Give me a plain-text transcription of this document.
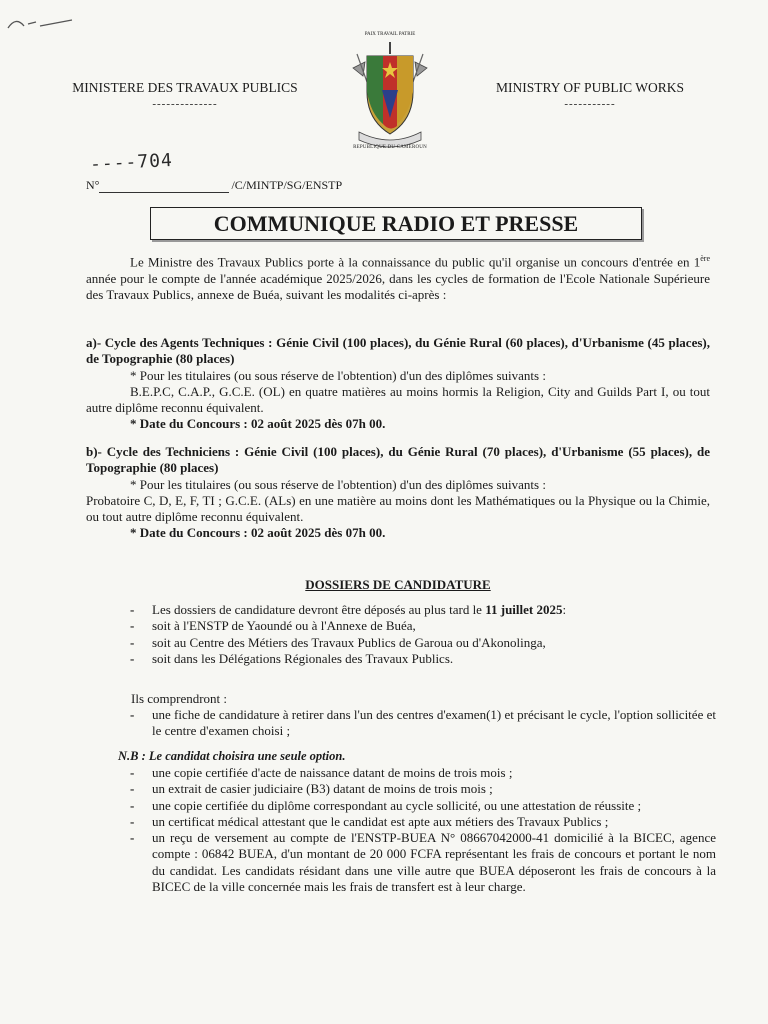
MINISTERE DES TRAVAUX PUBLICS
--------------
PAIX TRAVAIL PATRIE
REPUBLIQUE DU CAMEROUN
MINISTRY OF PUBLIC WORKS
-----------
----704
N°	/C/MINTP/SG/ENSTP
COMMUNIQUE RADIO ET PRESSE
Le Ministre des Travaux Publics porte à la connaissance du public qu'il organise un concours d'entrée en 1ère année pour le compte de l'année académique 2025/2026, dans les cycles de formation de l'Ecole Nationale Supérieure des Travaux Publics, annexe de Buéa, suivant les modalités ci-après :
a)- Cycle des Agents Techniques : Génie Civil (100 places), du Génie Rural (60 places), d'Urbanisme (45 places), de Topographie (80 places)
* Pour les titulaires (ou sous réserve de l'obtention) d'un des diplômes suivants :
B.E.P.C, C.A.P., G.C.E. (OL) en quatre matières au moins hormis la Religion, City and Guilds Part I, ou tout autre diplôme reconnu équivalent.
* Date du Concours : 02 août 2025 dès 07h 00.
b)- Cycle des Techniciens : Génie Civil (100 places), du Génie Rural (70 places), d'Urbanisme (55 places), de Topographie (80 places)
* Pour les titulaires (ou sous réserve de l'obtention) d'un des diplômes suivants :
Probatoire C, D, E, F, TI ; G.C.E. (ALs) en une matière au moins dont les Mathématiques ou la Physique ou la Chimie, ou tout autre diplôme reconnu équivalent.
* Date du Concours : 02 août 2025 dès 07h 00.
DOSSIERS DE CANDIDATURE
- Les dossiers de candidature devront être déposés au plus tard le 11 juillet 2025:
- soit à l'ENSTP de Yaoundé ou à l'Annexe de Buéa,
- soit au Centre des Métiers des Travaux Publics de Garoua ou d'Akonolinga,
- soit dans les Délégations Régionales des Travaux Publics.
Ils comprendront :
- une fiche de candidature à retirer dans l'un des centres d'examen(1) et précisant le cycle, l'option sollicitée et le centre d'examen choisi ;
N.B : Le candidat choisira une seule option.
- une copie certifiée d'acte de naissance datant de moins de trois mois ;
- un extrait de casier judiciaire (B3) datant de moins de trois mois ;
- une copie certifiée du diplôme correspondant au cycle sollicité, ou une attestation de réussite ;
- un certificat médical attestant que le candidat est apte aux métiers des Travaux Publics ;
- un reçu de versement au compte de l'ENSTP-BUEA N° 08667042000-41 domicilié à la BICEC, agence compte : 06842 BUEA, d'un montant de 20 000 FCFA représentant les frais de concours et portant le nom du candidat. Les candidats résidant dans une ville autre que BUEA déposeront les frais de concours à la BICEC de la ville concernée mais les frais de transfert est à leur charge.
